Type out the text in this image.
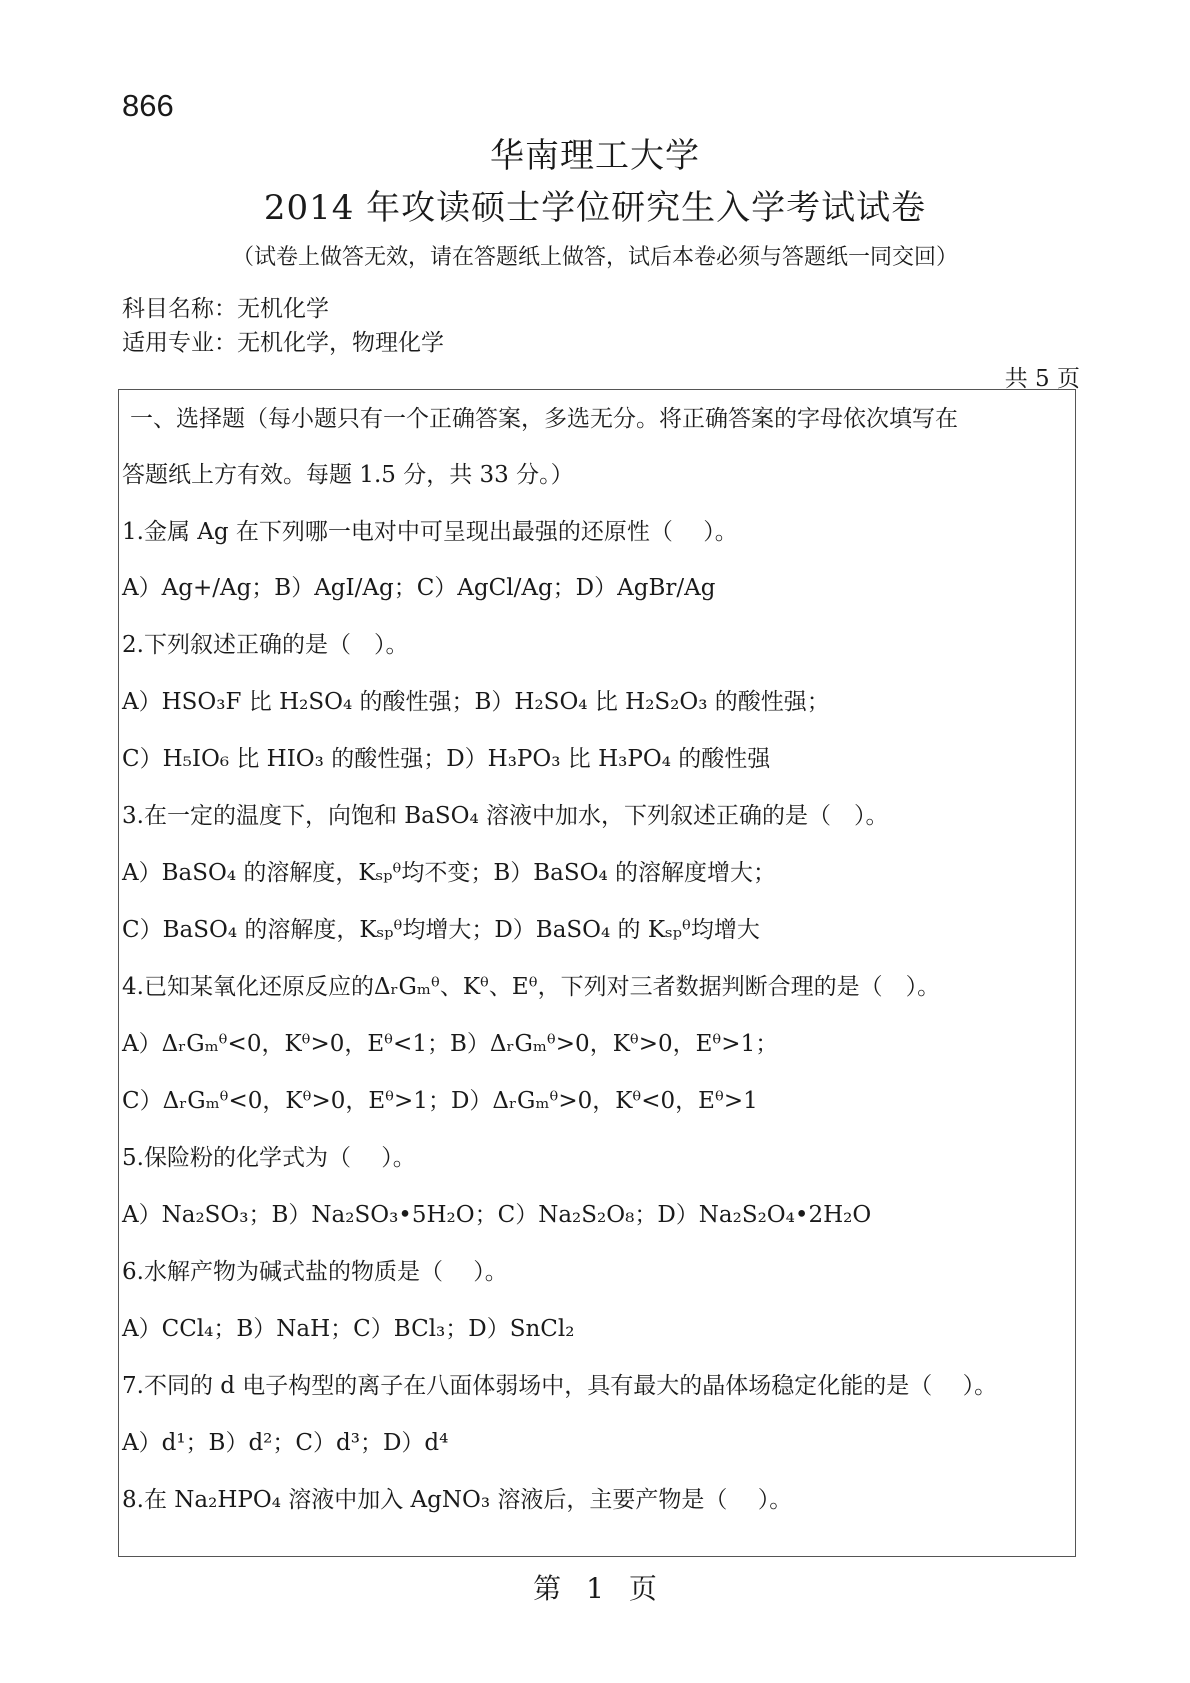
866
华南理工大学
2014 年攻读硕士学位研究生入学考试试卷
（试卷上做答无效，请在答题纸上做答，试后本卷必须与答题纸一同交回）
科目名称：无机化学
适用专业：无机化学，物理化学
共 5 页
一、选择题（每小题只有一个正确答案，多选无分。将正确答案的字母依次填写在
答题纸上方有效。每题 1.5 分，共 33 分。）
1.金属 Ag 在下列哪一电对中可呈现出最强的还原性（　 ）。
A）Ag+/Ag；B）AgI/Ag；C）AgCl/Ag；D）AgBr/Ag
2.下列叙述正确的是（　）。
A）HSO₃F 比 H₂SO₄ 的酸性强；B）H₂SO₄ 比 H₂S₂O₃ 的酸性强；
C）H₅IO₆ 比 HIO₃ 的酸性强；D）H₃PO₃ 比 H₃PO₄ 的酸性强
3.在一定的温度下，向饱和 BaSO₄ 溶液中加水，下列叙述正确的是（　）。
A）BaSO₄ 的溶解度，Kₛₚᶿ均不变；B）BaSO₄ 的溶解度增大；
C）BaSO₄ 的溶解度，Kₛₚᶿ均增大；D）BaSO₄ 的 Kₛₚᶿ均增大
4.已知某氧化还原反应的ΔᵣGₘᶿ、Kᶿ、Eᶿ，下列对三者数据判断合理的是（　）。
A）ΔᵣGₘᶿ<0，Kᶿ>0，Eᶿ<1；B）ΔᵣGₘᶿ>0，Kᶿ>0，Eᶿ>1；
C）ΔᵣGₘᶿ<0，Kᶿ>0，Eᶿ>1；D）ΔᵣGₘᶿ>0，Kᶿ<0，Eᶿ>1
5.保险粉的化学式为（　 ）。
A）Na₂SO₃；B）Na₂SO₃•5H₂O；C）Na₂S₂O₈；D）Na₂S₂O₄•2H₂O
6.水解产物为碱式盐的物质是（　 ）。
A）CCl₄；B）NaH；C）BCl₃；D）SnCl₂
7.不同的 d 电子构型的离子在八面体弱场中，具有最大的晶体场稳定化能的是（　 ）。
A）d¹；B）d²；C）d³；D）d⁴
8.在 Na₂HPO₄ 溶液中加入 AgNO₃ 溶液后，主要产物是（　 ）。
第 1 页
